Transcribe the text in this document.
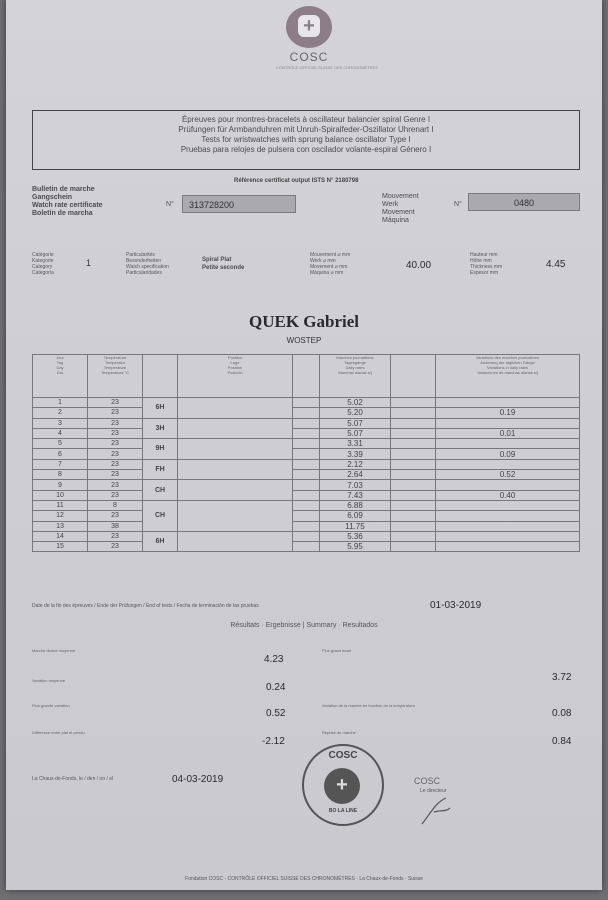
+
COSC
CONTRÔLE OFFICIEL SUISSE DES CHRONOMÈTRES
Épreuves pour montres-bracelets à oscillateur balancier spiral Genre I
Prüfungen für Armbanduhren mit Unruh-Spiralfeder-Oszillator Uhrenart I
Tests for wristwatches with sprung balance oscillator Type I
Pruebas para relojes de pulsera con oscilador volante-espiral Género I
Référence certificat output ISTS N° 2180798
Bulletin de marche
Gangschein
Watch rate certificate
Boletín de marcha
N°	313728200
Mouvement
Werk
Movement
Máquina
N°	0480
Catégorie
Kategorie
Category
Categoría
1
Particularités
Besonderheiten
Watch specification
Particularidades
Spiral Plat
Petite seconde
Mouvement ⌀ mm
Werk ⌀ mm
Movement ⌀ mm
Máquina ⌀ mm
40.00
Hauteur mm
Höhe mm
Thickness mm
Espesor mm
4.45
QUEK Gabriel
WOSTEP
Jour
Tag
Day
Día	Température
Temperatur
Temperature
Temperatura °C		Position
Lage
Position
Posición		Marches journalières
Tagesgänge
Daily rates
Marchas diarias s/j		Variations des marches journalières
Änderung der täglichen Gänge
Variations in daily rates
Variaciones de marchas diarias s/j
1	23	6H			5.02		
2	23				5.20		0.19
3	23	3H			5.07		
4	23				5.07		0.01
5	23	9H			3.31		
6	23				3.39		0.09
7	23	FH			2.12		
8	23				2.64		0.52
9	23	CH			7.03		
10	23				7.43		0.40
11	8	CH			6.88		
12	23				6.09		
13	38				11.75		
14	23	6H			5.36		
15	23				5.95		
Date de la fin des épreuves / Ende der Prüfungen / End of tests / Fecha de terminación de las pruebas	01-03-2019
Résultats · Ergebnisse | Summary · Resultados
Marche diurne moyenne
4.23
Variation moyenne
0.24
Plus grande variation
0.52
Différence entre plat et pendu
-2.12
Plus grand écart
3.72
Variation de la marche en fonction de la température
0.08
Reprise de marche
0.84
La Chaux-de-Fonds, le / den / on / el	04-03-2019
COSC
+
BO LA LINE
COSC
Le directeur
Fondation COSC · CONTRÔLE OFFICIEL SUISSE DES CHRONOMÈTRES · La Chaux-de-Fonds · Suisse
